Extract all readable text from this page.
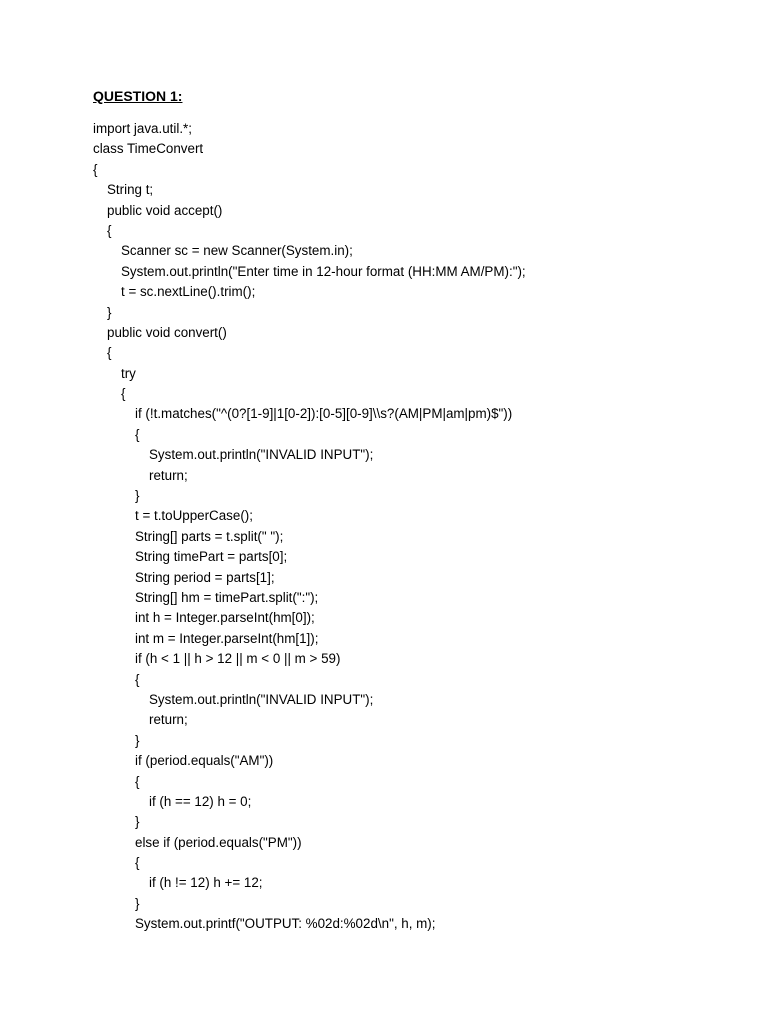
QUESTION 1:
import java.util.*;
class TimeConvert
{
String t;
public void accept()
{
Scanner sc = new Scanner(System.in);
System.out.println("Enter time in 12-hour format (HH:MM AM/PM):");
t = sc.nextLine().trim();
}
public void convert()
{
try
{
if (!t.matches("^(0?[1-9]|1[0-2]):[0-5][0-9]\\s?(AM|PM|am|pm)$"))
{
System.out.println("INVALID INPUT");
return;
}
t = t.toUpperCase();
String[] parts = t.split(" ");
String timePart = parts[0];
String period = parts[1];
String[] hm = timePart.split(":");
int h = Integer.parseInt(hm[0]);
int m = Integer.parseInt(hm[1]);
if (h < 1 || h > 12 || m < 0 || m > 59)
{
System.out.println("INVALID INPUT");
return;
}
if (period.equals("AM"))
{
if (h == 12) h = 0;
}
else if (period.equals("PM"))
{
if (h != 12) h += 12;
}
System.out.printf("OUTPUT: %02d:%02d\n", h, m);
